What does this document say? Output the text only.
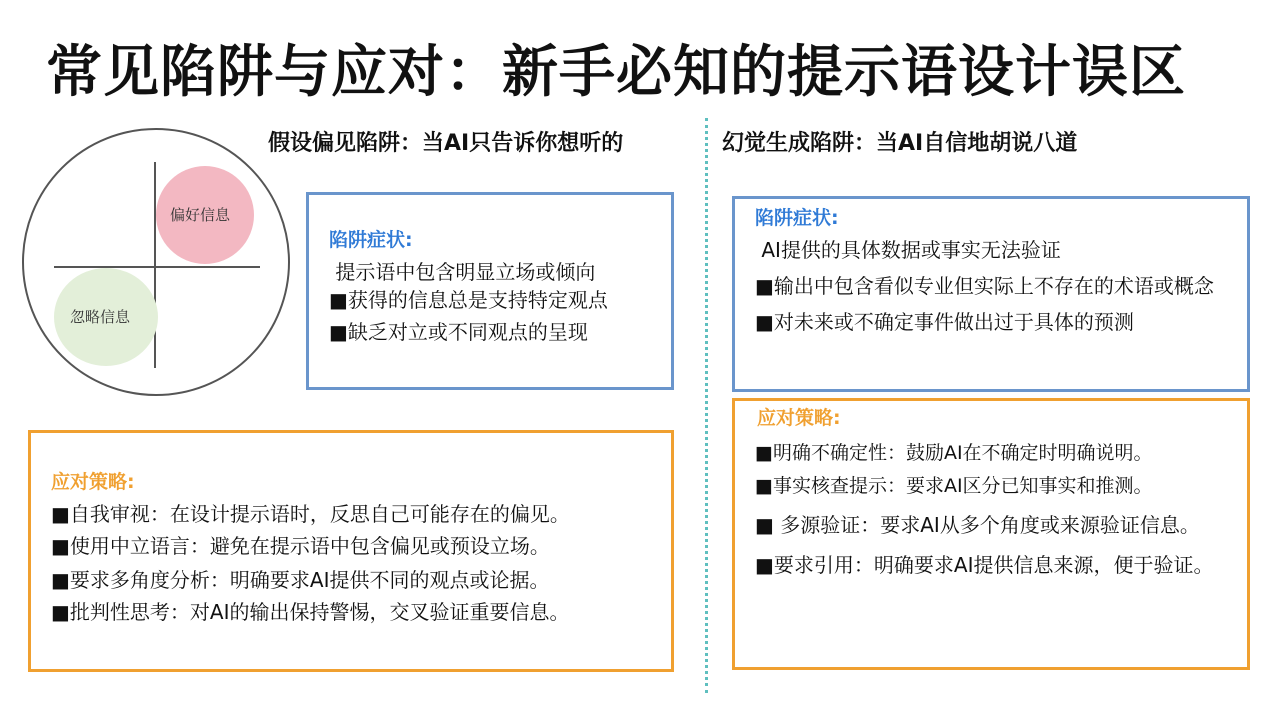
常见陷阱与应对：新手必知的提示语设计误区
假设偏见陷阱：当AI只告诉你想听的
偏好信息
忽略信息
陷阱症状:
提示语中包含明显立场或倾向
■获得的信息总是支持特定观点
■缺乏对立或不同观点的呈现
应对策略:
■自我审视：在设计提示语时，反思自己可能存在的偏见。
■使用中立语言：避免在提示语中包含偏见或预设立场。
■要求多角度分析：明确要求AI提供不同的观点或论据。
■批判性思考：对AI的输出保持警惕，交叉验证重要信息。
幻觉生成陷阱：当AI自信地胡说八道
陷阱症状:
AI提供的具体数据或事实无法验证
■输出中包含看似专业但实际上不存在的术语或概念
■对未来或不确定事件做出过于具体的预测
应对策略:
■明确不确定性：鼓励AI在不确定时明确说明。
■事实核查提示：要求AI区分已知事实和推测。
■ 多源验证：要求AI从多个角度或来源验证信息。
■要求引用：明确要求AI提供信息来源，便于验证。
